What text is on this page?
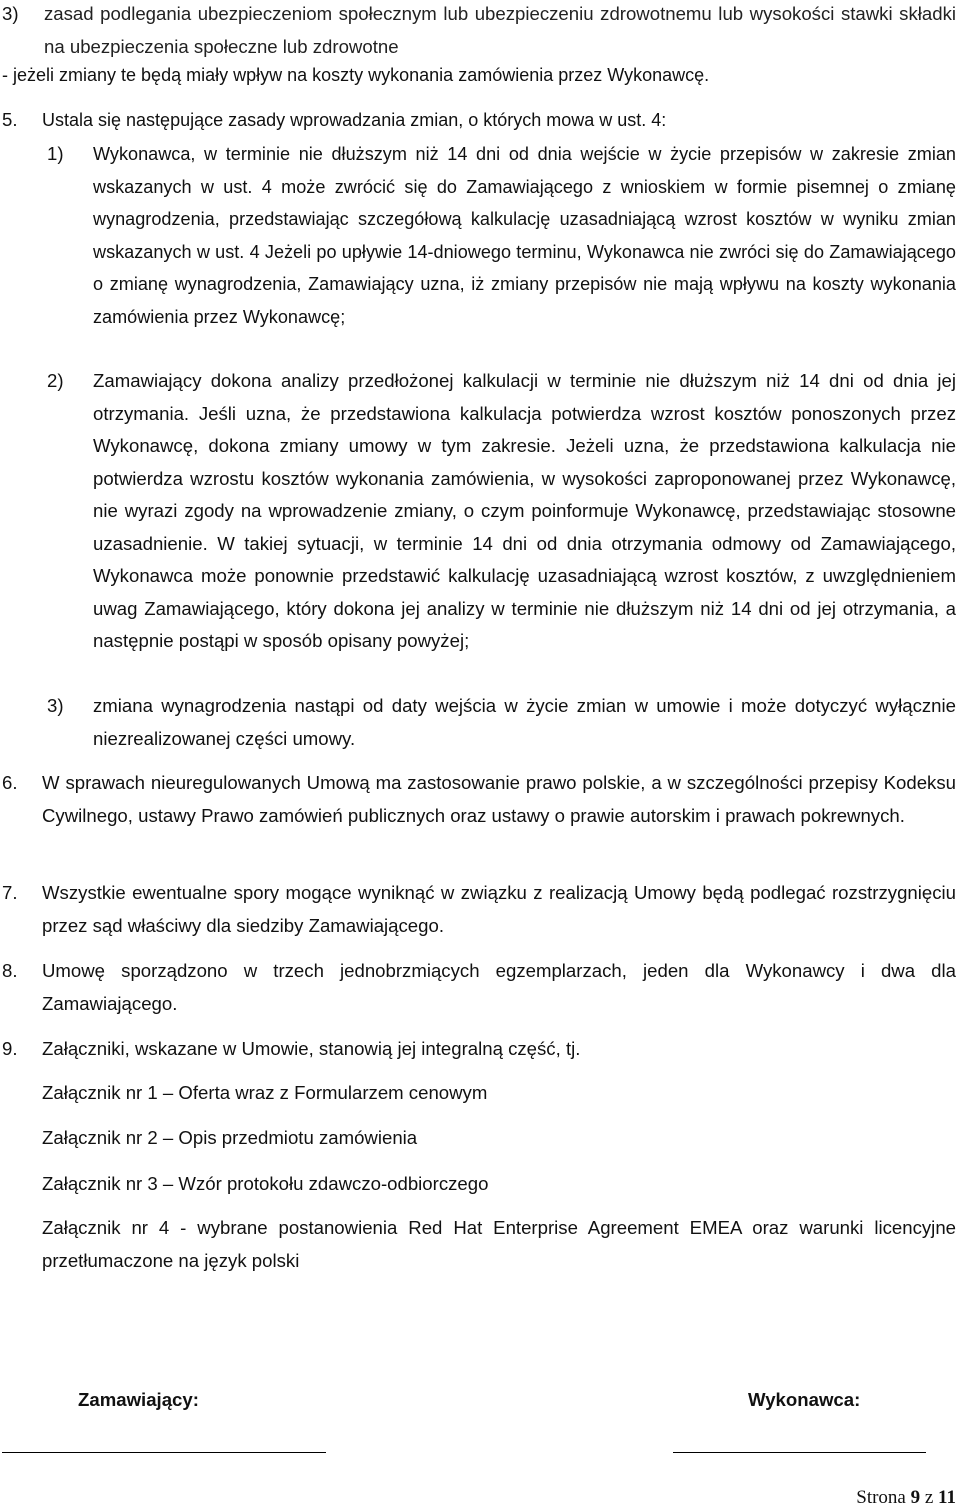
3) zasad podlegania ubezpieczeniom społecznym lub ubezpieczeniu zdrowotnemu lub wysokości stawki składki na ubezpieczenia społeczne lub zdrowotne
- jeżeli zmiany te będą miały wpływ na koszty wykonania zamówienia przez Wykonawcę.
5. Ustala się następujące zasady wprowadzania zmian, o których mowa w ust. 4:
1) Wykonawca, w terminie nie dłuższym niż 14 dni od dnia wejście w życie przepisów w zakresie zmian wskazanych w ust. 4 może zwrócić się do Zamawiającego z wnioskiem w formie pisemnej o zmianę wynagrodzenia, przedstawiając szczegółową kalkulację uzasadniającą wzrost kosztów w wyniku zmian wskazanych w ust. 4 Jeżeli po upływie 14-dniowego terminu, Wykonawca nie zwróci się do Zamawiającego o zmianę wynagrodzenia, Zamawiający uzna, iż zmiany przepisów nie mają wpływu na koszty wykonania zamówienia przez Wykonawcę;
2) Zamawiający dokona analizy przedłożonej kalkulacji w terminie nie dłuższym niż 14 dni od dnia jej otrzymania. Jeśli uzna, że przedstawiona kalkulacja potwierdza wzrost kosztów ponoszonych przez Wykonawcę, dokona zmiany umowy w tym zakresie. Jeżeli uzna, że przedstawiona kalkulacja nie potwierdza wzrostu kosztów wykonania zamówienia, w wysokości zaproponowanej przez Wykonawcę, nie wyrazi zgody na wprowadzenie zmiany, o czym poinformuje Wykonawcę, przedstawiając stosowne uzasadnienie. W takiej sytuacji, w terminie 14 dni od dnia otrzymania odmowy od Zamawiającego, Wykonawca może ponownie przedstawić kalkulację uzasadniającą wzrost kosztów, z uwzględnieniem uwag Zamawiającego, który dokona jej analizy w terminie nie dłuższym niż 14 dni od jej otrzymania, a następnie postąpi w sposób opisany powyżej;
3) zmiana wynagrodzenia nastąpi od daty wejścia w życie zmian w umowie i może dotyczyć wyłącznie niezrealizowanej części umowy.
6. W sprawach nieuregulowanych Umową ma zastosowanie prawo polskie, a w szczególności przepisy Kodeksu Cywilnego, ustawy Prawo zamówień publicznych oraz ustawy o prawie autorskim i prawach pokrewnych.
7. Wszystkie ewentualne spory mogące wyniknąć w związku z realizacją Umowy będą podlegać rozstrzygnięciu przez sąd właściwy dla siedziby Zamawiającego.
8. Umowę sporządzono w trzech jednobrzmiących egzemplarzach, jeden dla Wykonawcy i dwa dla Zamawiającego.
9. Załączniki, wskazane w Umowie, stanowią jej integralną część, tj.
Załącznik nr 1 – Oferta wraz z Formularzem cenowym
Załącznik nr 2 – Opis przedmiotu zamówienia
Załącznik nr 3 – Wzór protokołu zdawczo-odbiorczego
Załącznik nr 4 - wybrane postanowienia Red Hat Enterprise Agreement EMEA oraz warunki licencyjne przetłumaczone na język polski
Zamawiający:	Wykonawca:
Strona 9 z 11
